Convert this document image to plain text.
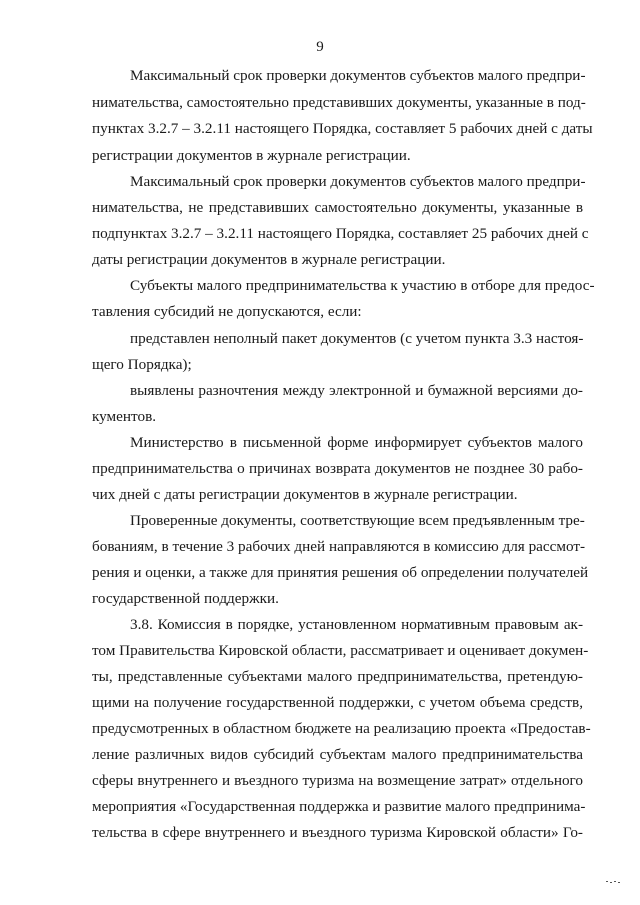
9

Максимальный срок проверки документов субъектов малого предпри-

нимательства, самостоятельно представивших документы, указанные в под-

пунктах 3.2.7 – 3.2.11 настоящего Порядка, составляет 5 рабочих дней с даты

регистрации документов в журнале регистрации.

Максимальный срок проверки документов субъектов малого предпри-

нимательства, не представивших самостоятельно документы, указанные в

подпунктах 3.2.7 – 3.2.11 настоящего Порядка, составляет 25 рабочих дней с

даты регистрации документов в журнале регистрации.

Субъекты малого предпринимательства к участию в отборе для предос-

тавления субсидий не допускаются, если:

представлен неполный пакет документов (с учетом пункта 3.3 настоя-

щего Порядка);

выявлены разночтения между электронной и бумажной версиями до-

кументов.

Министерство в письменной форме информирует субъектов малого

предпринимательства о причинах возврата документов не позднее 30 рабо-

чих дней с даты регистрации документов в журнале регистрации.

Проверенные документы, соответствующие всем предъявленным тре-

бованиям, в течение 3 рабочих дней направляются в комиссию для рассмот-

рения и оценки, а также для принятия решения об определении получателей

государственной поддержки.

3.8. Комиссия в порядке, установленном нормативным правовым ак-

том Правительства Кировской области, рассматривает и оценивает докумен-

ты, представленные субъектами малого предпринимательства, претендую-

щими на получение государственной поддержки, с учетом объема средств,

предусмотренных в областном бюджете на реализацию проекта «Предостав-

ление различных видов субсидий субъектам малого предпринимательства

сферы внутреннего и въездного туризма на возмещение затрат» отдельного

мероприятия «Государственная поддержка и развитие малого предпринима-

тельства в сфере внутреннего и въездного туризма Кировской области» Го-
